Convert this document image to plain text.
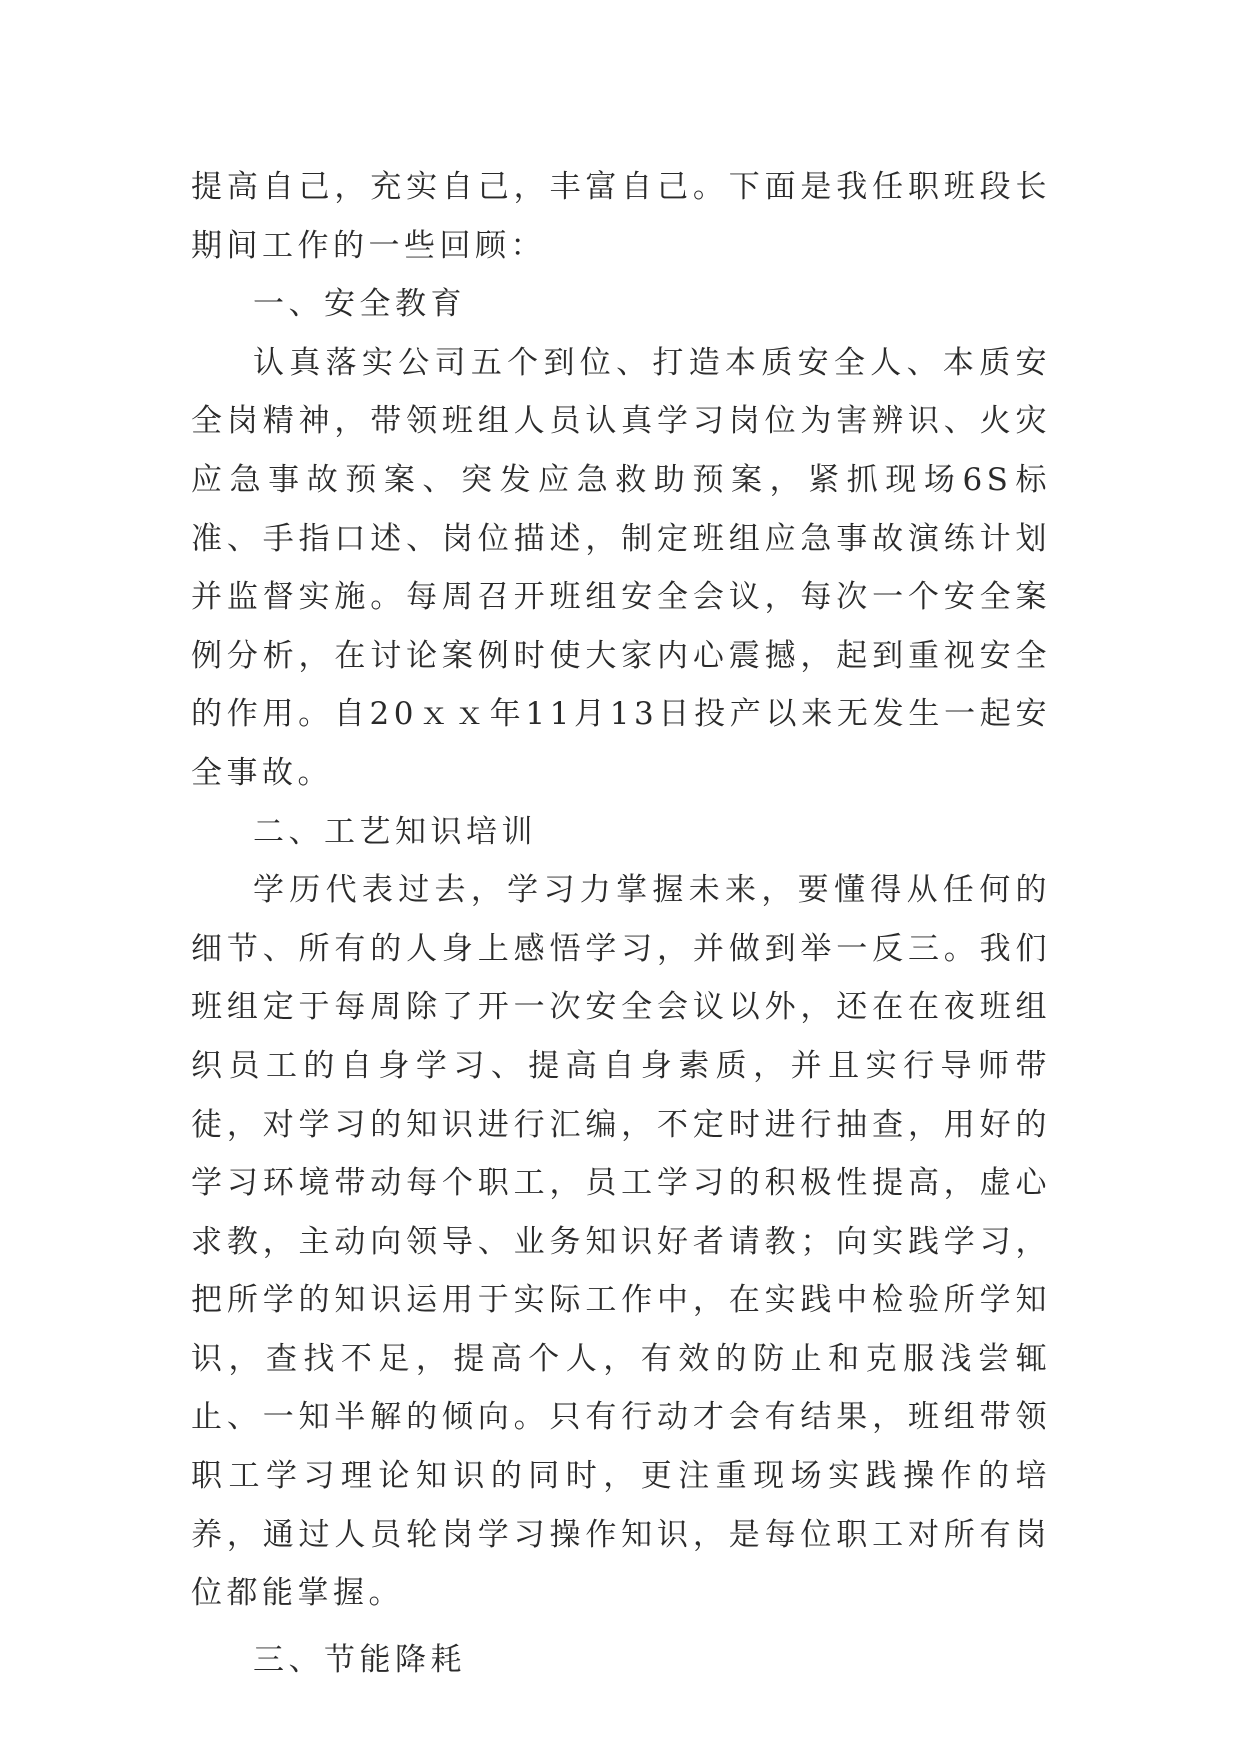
提高自己，充实自己，丰富自己。下面是我任职班段长期间工作的一些回顾：

一、安全教育

认真落实公司五个到位、打造本质安全人、本质安全岗精神，带领班组人员认真学习岗位为害辨识、火灾应急事故预案、突发应急救助预案，紧抓现场6S标准、手指口述、岗位描述，制定班组应急事故演练计划并监督实施。每周召开班组安全会议，每次一个安全案例分析，在讨论案例时使大家内心震撼，起到重视安全的作用。自20ｘｘ年11月13日投产以来无发生一起安全事故。

二、工艺知识培训

学历代表过去，学习力掌握未来，要懂得从任何的细节、所有的人身上感悟学习，并做到举一反三。我们班组定于每周除了开一次安全会议以外，还在在夜班组织员工的自身学习、提高自身素质，并且实行导师带徒，对学习的知识进行汇编，不定时进行抽查，用好的学习环境带动每个职工，员工学习的积极性提高，虚心求教，主动向领导、业务知识好者请教；向实践学习，把所学的知识运用于实际工作中，在实践中检验所学知识，查找不足，提高个人，有效的防止和克服浅尝辄止、一知半解的倾向。只有行动才会有结果，班组带领职工学习理论知识的同时，更注重现场实践操作的培养，通过人员轮岗学习操作知识，是每位职工对所有岗位都能掌握。

三、节能降耗
